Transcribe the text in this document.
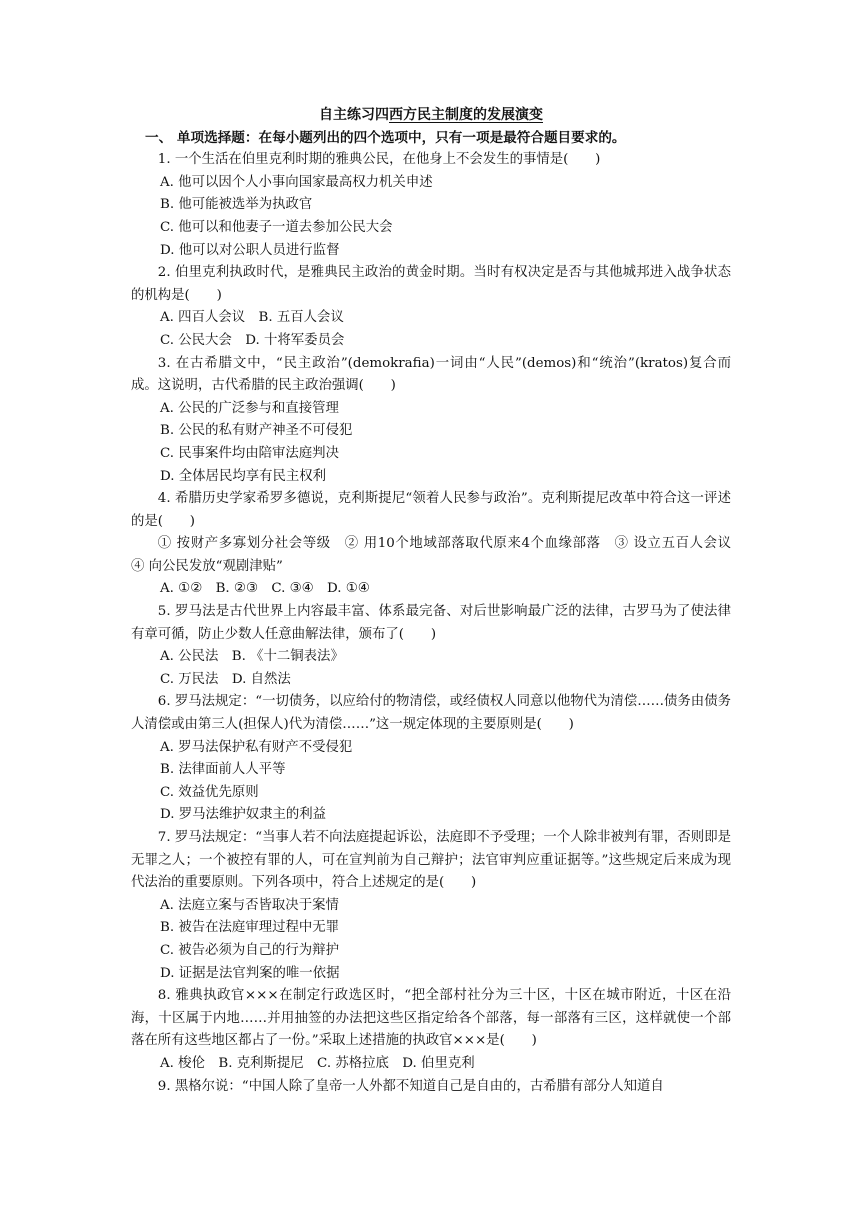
自主练习四西方民主制度的发展演变

一、 单项选择题：在每小题列出的四个选项中，只有一项是最符合题目要求的。

1. 一个生活在伯里克利时期的雅典公民，在他身上不会发生的事情是(　　)

A. 他可以因个人小事向国家最高权力机关申述

B. 他可能被选举为执政官

C. 他可以和他妻子一道去参加公民大会

D. 他可以对公职人员进行监督

2. 伯里克利执政时代，是雅典民主政治的黄金时期。当时有权决定是否与其他城邦进入战争状态的机构是(　　)

A. 四百人会议　B. 五百人会议

C. 公民大会　D. 十将军委员会

3. 在古希腊文中，“民主政治”(demokrafia)一词由“人民”(demos)和“统治”(kratos)复合而成。这说明，古代希腊的民主政治强调(　　)

A. 公民的广泛参与和直接管理

B. 公民的私有财产神圣不可侵犯

C. 民事案件均由陪审法庭判决

D. 全体居民均享有民主权利

4. 希腊历史学家希罗多德说，克利斯提尼“领着人民参与政治”。克利斯提尼改革中符合这一评述的是(　　)

① 按财产多寡划分社会等级　② 用10个地域部落取代原来4个血缘部落　③ 设立五百人会议　④ 向公民发放“观剧津贴”

A. ①②　B. ②③　C. ③④　D. ①④

5. 罗马法是古代世界上内容最丰富、体系最完备、对后世影响最广泛的法律，古罗马为了使法律有章可循，防止少数人任意曲解法律，颁布了(　　)

A. 公民法　B. 《十二铜表法》

C. 万民法　D. 自然法

6. 罗马法规定：“一切债务，以应给付的物清偿，或经债权人同意以他物代为清偿……债务由债务人清偿或由第三人(担保人)代为清偿……”这一规定体现的主要原则是(　　)

A. 罗马法保护私有财产不受侵犯

B. 法律面前人人平等

C. 效益优先原则

D. 罗马法维护奴隶主的利益

7. 罗马法规定：“当事人若不向法庭提起诉讼，法庭即不予受理；一个人除非被判有罪，否则即是无罪之人；一个被控有罪的人，可在宣判前为自己辩护；法官审判应重证据等。”这些规定后来成为现代法治的重要原则。下列各项中，符合上述规定的是(　　)

A. 法庭立案与否皆取决于案情

B. 被告在法庭审理过程中无罪

C. 被告必须为自己的行为辩护

D. 证据是法官判案的唯一依据

8. 雅典执政官×××在制定行政选区时，“把全部村社分为三十区，十区在城市附近，十区在沿海，十区属于内地……并用抽签的办法把这些区指定给各个部落，每一部落有三区，这样就使一个部落在所有这些地区都占了一份。”采取上述措施的执政官×××是(　　)

A. 梭伦　B. 克利斯提尼　C. 苏格拉底　D. 伯里克利

9. 黑格尔说：“中国人除了皇帝一人外都不知道自己是自由的，古希腊有部分人知道自
